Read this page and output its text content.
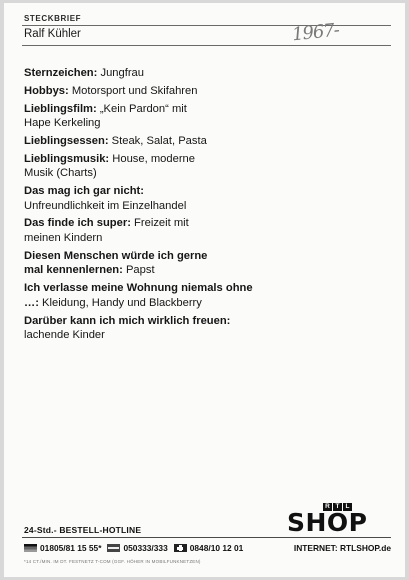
STECKBRIEF
Ralf Kühler	1967-
Sternzeichen: Jungfrau
Hobbys: Motorsport und Skifahren
Lieblingsfilm: „Kein Pardon“ mit Hape Kerkeling
Lieblingsessen: Steak, Salat, Pasta
Lieblingsmusik: House, moderne Musik (Charts)
Das mag ich gar nicht:
Unfreundlichkeit im Einzelhandel
Das finde ich super: Freizeit mit meinen Kindern
Diesen Menschen würde ich gerne mal kennenlernen: Papst
Ich verlasse meine Wohnung niemals ohne …: Kleidung, Handy und Blackberry
Darüber kann ich mich wirklich freuen:
lachende Kinder
R T L
SHOP
24-Std.- BESTELL-HOTLINE
01805/81 15 55*	050333/333	0848/10 12 01	INTERNET: RTLSHOP.de
*14 CT./MIN. IM DT. FESTNETZ T-COM (GGF. HÖHER IN MOBILFUNKNETZEN)
